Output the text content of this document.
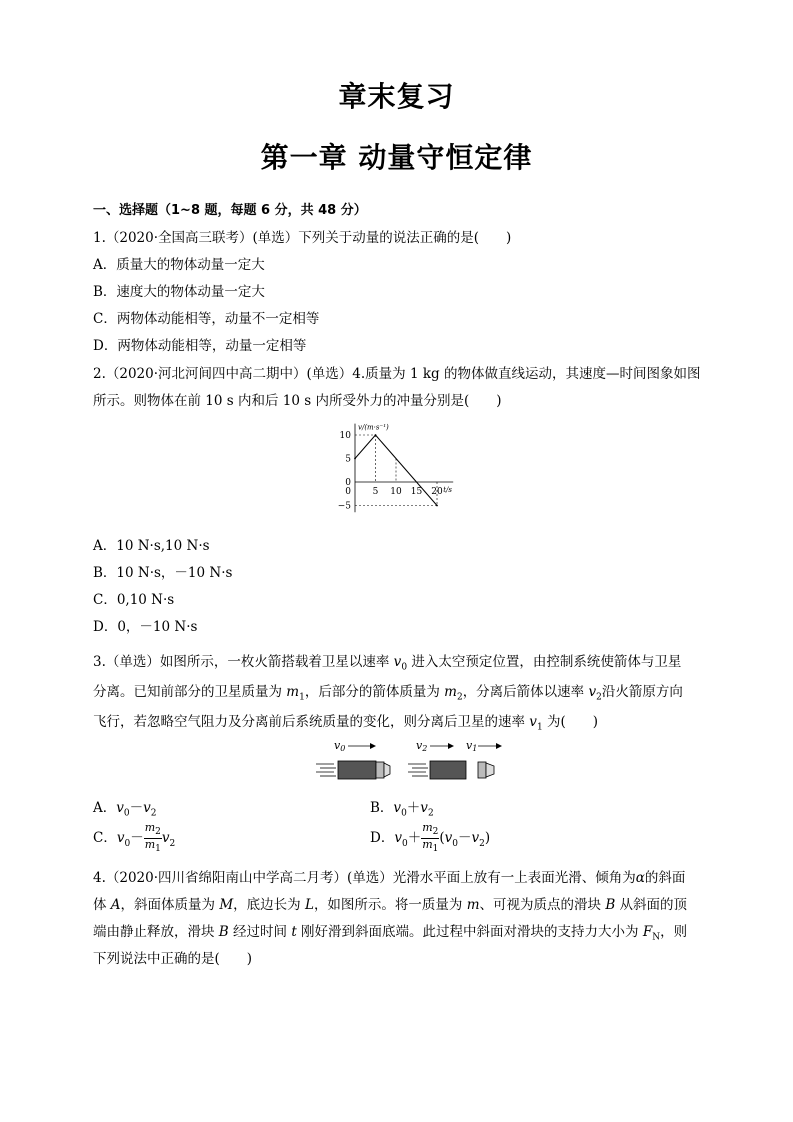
章末复习
第一章 动量守恒定律
一、选择题（1~8 题，每题 6 分，共 48 分）
1.（2020·全国高三联考）(单选）下列关于动量的说法正确的是(　　)
A．质量大的物体动量一定大
B．速度大的物体动量一定大
C．两物体动能相等，动量不一定相等
D．两物体动能相等，动量一定相等
2.（2020·河北河间四中高二期中）(单选）4.质量为 1 kg 的物体做直线运动，其速度—时间图象如图
所示。则物体在前 10 s 内和后 10 s 内所受外力的冲量分别是(　　)
v/(m·s⁻¹)
t/s
10
5
0
−5
0 5 10 15 20
A．10 N·s,10 N·s
B．10 N·s，－10 N·s
C．0,10 N·s
D．0，－10 N·s
3.（单选）如图所示，一枚火箭搭载着卫星以速率 $v_0$ 进入太空预定位置，由控制系统使箭体与卫星
分离。已知前部分的卫星质量为 $m_1$，后部分的箭体质量为 $m_2$，分离后箭体以速率 $v_2$沿火箭原方向
飞行，若忽略空气阻力及分离前后系统质量的变化，则分离后卫星的速率 $v_1$ 为(　　)
v0	v2	v1
A．$v_0-v_2$	B．$v_0+v_2$
C．$v_0- \frac{m_2}{m_1} v_2$	D．$v_0+ \frac{m_2}{m_1} (v_0-v_2)$
4.（2020·四川省绵阳南山中学高二月考）(单选）光滑水平面上放有一上表面光滑、倾角为α的斜面
体 A，斜面体质量为 M，底边长为 L，如图所示。将一质量为 m、可视为质点的滑块 B 从斜面的顶
端由静止释放，滑块 B 经过时间 t 刚好滑到斜面底端。此过程中斜面对滑块的支持力大小为 $F_N$，则
下列说法中正确的是(　　)
